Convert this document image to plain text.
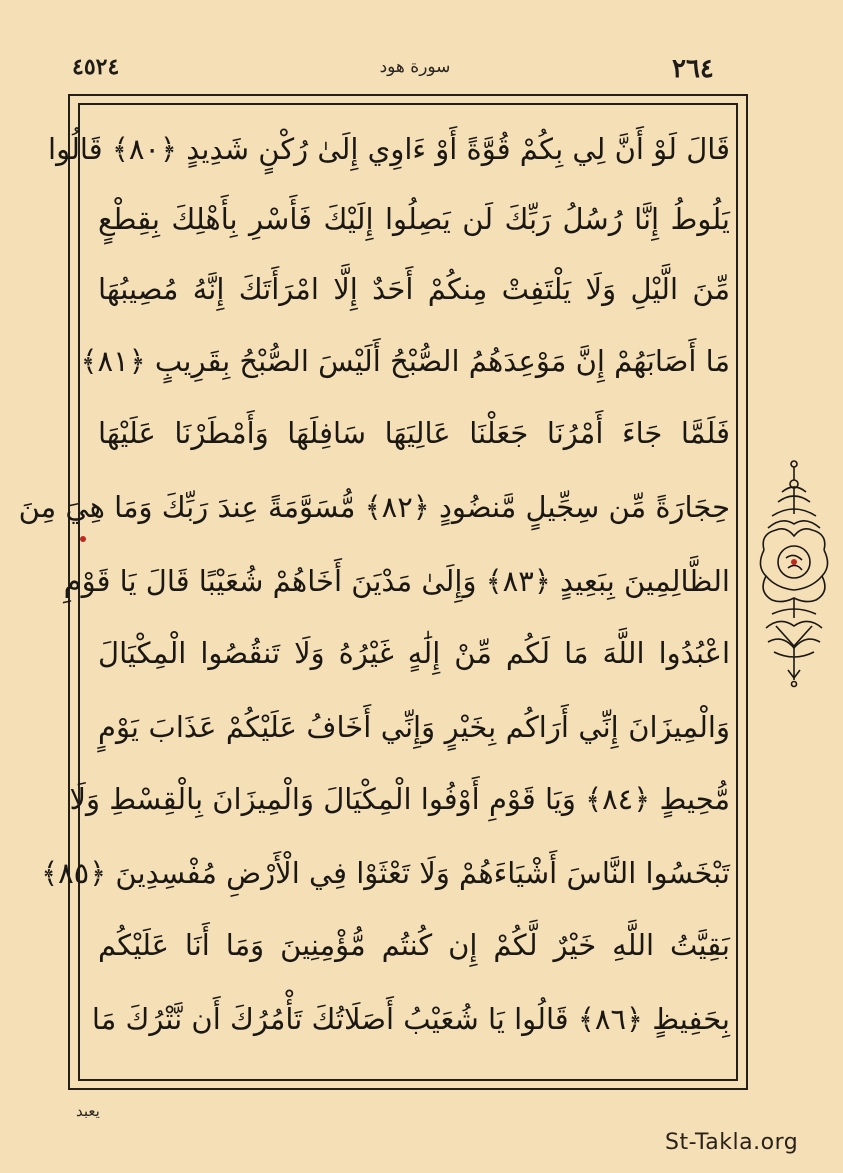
٤٥٢٤	سورة هود	٢٦٤
قَالَ لَوْ أَنَّ لِي بِكُمْ قُوَّةً أَوْ ءَاوِي إِلَىٰ رُكْنٍ شَدِيدٍ ﴿٨٠﴾ قَالُوا
يَلُوطُ إِنَّا رُسُلُ رَبِّكَ لَن يَصِلُوا إِلَيْكَ فَأَسْرِ بِأَهْلِكَ بِقِطْعٍ
مِّنَ الَّيْلِ وَلَا يَلْتَفِتْ مِنكُمْ أَحَدٌ إِلَّا امْرَأَتَكَ إِنَّهُ مُصِيبُهَا
مَا أَصَابَهُمْ إِنَّ مَوْعِدَهُمُ الصُّبْحُ أَلَيْسَ الصُّبْحُ بِقَرِيبٍ ﴿٨١﴾
فَلَمَّا جَاءَ أَمْرُنَا جَعَلْنَا عَالِيَهَا سَافِلَهَا وَأَمْطَرْنَا عَلَيْهَا
حِجَارَةً مِّن سِجِّيلٍ مَّنضُودٍ ﴿٨٢﴾ مُّسَوَّمَةً عِندَ رَبِّكَ وَمَا هِيَ مِنَ
الظَّالِمِينَ بِبَعِيدٍ ﴿٨٣﴾ وَإِلَىٰ مَدْيَنَ أَخَاهُمْ شُعَيْبًا قَالَ يَا قَوْمِ
اعْبُدُوا اللَّهَ مَا لَكُم مِّنْ إِلَٰهٍ غَيْرُهُ وَلَا تَنقُصُوا الْمِكْيَالَ
وَالْمِيزَانَ إِنِّي أَرَاكُم بِخَيْرٍ وَإِنِّي أَخَافُ عَلَيْكُمْ عَذَابَ يَوْمٍ
مُّحِيطٍ ﴿٨٤﴾ وَيَا قَوْمِ أَوْفُوا الْمِكْيَالَ وَالْمِيزَانَ بِالْقِسْطِ وَلَا
تَبْخَسُوا النَّاسَ أَشْيَاءَهُمْ وَلَا تَعْثَوْا فِي الْأَرْضِ مُفْسِدِينَ ﴿٨٥﴾
بَقِيَّتُ اللَّهِ خَيْرٌ لَّكُمْ إِن كُنتُم مُّؤْمِنِينَ وَمَا أَنَا عَلَيْكُم
بِحَفِيظٍ ﴿٨٦﴾ قَالُوا يَا شُعَيْبُ أَصَلَاتُكَ تَأْمُرُكَ أَن نَّتْرُكَ مَا
يعبد
St-Takla.org
